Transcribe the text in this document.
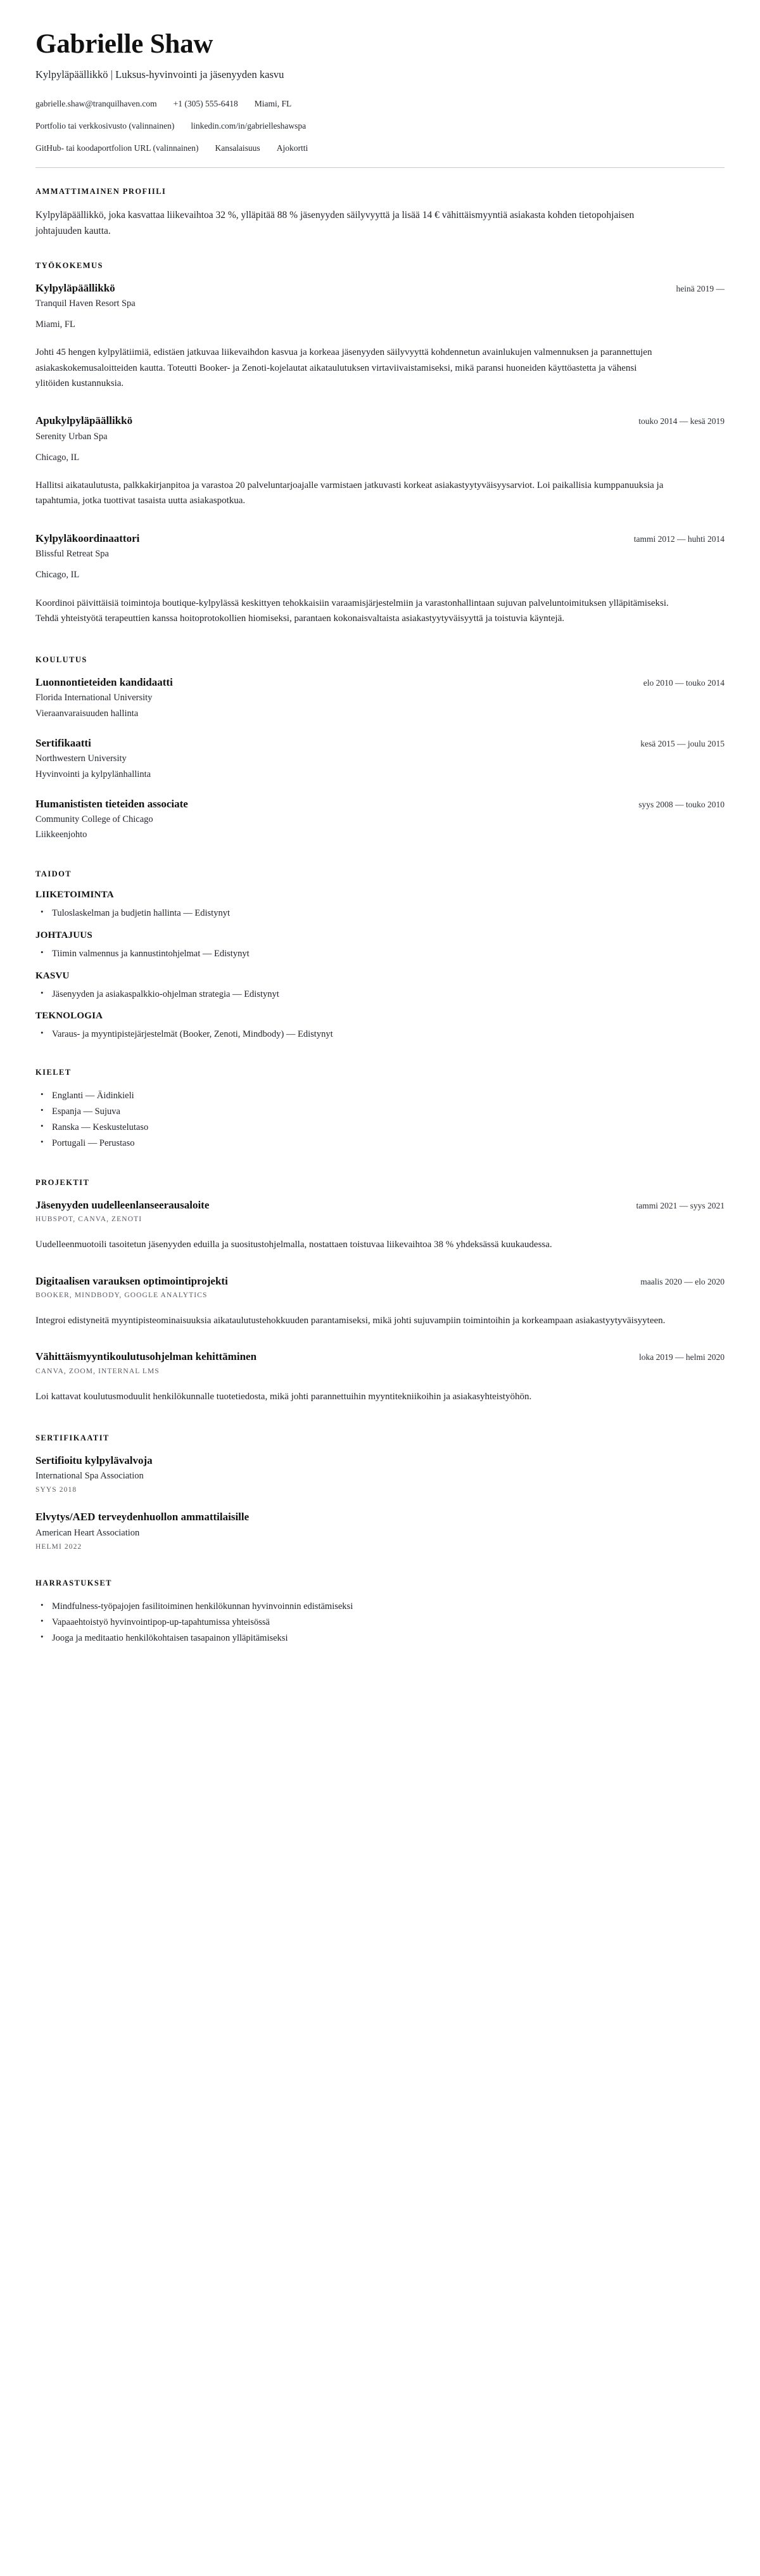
Gabrielle Shaw
Kylpyläpäällikkö | Luksus-hyvinvointi ja jäsenyyden kasvu
gabrielle.shaw@tranquilhaven.com +1 (305) 555-6418 Miami, FL
Portfolio tai verkkosivusto (valinnainen) linkedin.com/in/gabrielleshawspa
GitHub- tai koodaportfolion URL (valinnainen) Kansalaisuus Ajokortti
AMMATTIMAINEN PROFIILI

Kylpyläpäällikkö, joka kasvattaa liikevaihtoa 32 %, ylläpitää 88 % jäsenyyden säilyvyyttä ja lisää 14 € vähittäismyyntiä asiakasta kohden tietopohjaisen johtajuuden kautta.

TYÖKOKEMUS
Kylpyläpäällikkö	heinä 2019 —
Tranquil Haven Resort Spa
Miami, FL
Johti 45 hengen kylpylätiimiä, edistäen jatkuvaa liikevaihdon kasvua ja korkeaa jäsenyyden säilyvyyttä kohdennetun avainlukujen valmennuksen ja parannettujen asiakaskokemusaloitteiden kautta. Toteutti Booker- ja Zenoti-kojelautat aikataulutuksen virtaviivaistamiseksi, mikä paransi huoneiden käyttöastetta ja vähensi ylitöiden kustannuksia.
Apukylpyläpäällikkö	touko 2014 — kesä 2019
Serenity Urban Spa
Chicago, IL
Hallitsi aikataulutusta, palkkakirjanpitoa ja varastoa 20 palveluntarjoajalle varmistaen jatkuvasti korkeat asiakastyytyväisyysarviot. Loi paikallisia kumppanuuksia ja tapahtumia, jotka tuottivat tasaista uutta asiakaspotkua.
Kylpyläkoordinaattori	tammi 2012 — huhti 2014
Blissful Retreat Spa
Chicago, IL
Koordinoi päivittäisiä toimintoja boutique-kylpylässä keskittyen tehokkaisiin varaamisjärjestelmiin ja varastonhallintaan sujuvan palveluntoimituksen ylläpitämiseksi. Tehdä yhteistyötä terapeuttien kanssa hoitoprotokollien hiomiseksi, parantaen kokonaisvaltaista asiakastyytyväisyyttä ja toistuvia käyntejä.
KOULUTUS
Luonnontieteiden kandidaatti	elo 2010 — touko 2014
Florida International University
Vieraanvaraisuuden hallinta
Sertifikaatti	kesä 2015 — joulu 2015
Northwestern University
Hyvinvointi ja kylpylänhallinta
Humanististen tieteiden associate	syys 2008 — touko 2010
Community College of Chicago
Liikkeenjohto
TAIDOT
LIIKETOIMINTA
• Tuloslaskelman ja budjetin hallinta — Edistynyt
JOHTAJUUS
• Tiimin valmennus ja kannustintohjelmat — Edistynyt
KASVU
• Jäsenyyden ja asiakaspalkkio-ohjelman strategia — Edistynyt
TEKNOLOGIA
• Varaus- ja myyntipistejärjestelmät (Booker, Zenoti, Mindbody) — Edistynyt
KIELET
• Englanti — Äidinkieli
• Espanja — Sujuva
• Ranska — Keskustelutaso
• Portugali — Perustaso
PROJEKTIT
Jäsenyyden uudelleenlanseerausaloite	tammi 2021 — syys 2021
HUBSPOT, CANVA, ZENOTI
Uudelleenmuotoili tasoitetun jäsenyyden eduilla ja suositustohjelmalla, nostattaen toistuvaa liikevaihtoa 38 % yhdeksässä kuukaudessa.
Digitaalisen varauksen optimointiprojekti	maalis 2020 — elo 2020
BOOKER, MINDBODY, GOOGLE ANALYTICS
Integroi edistyneitä myyntipisteominaisuuksia aikataulutustehokkuuden parantamiseksi, mikä johti sujuvampiin toimintoihin ja korkeampaan asiakastyytyväisyyteen.
Vähittäismyyntikoulutusohjelman kehittäminen	loka 2019 — helmi 2020
CANVA, ZOOM, INTERNAL LMS
Loi kattavat koulutusmoduulit henkilökunnalle tuotetiedosta, mikä johti parannettuihin myyntitekniikoihin ja asiakasyhteistyöhön.
SERTIFIKAATIT
Sertifioitu kylpylävalvoja
International Spa Association
SYYS 2018
Elvytys/AED terveydenhuollon ammattilaisille
American Heart Association
HELMI 2022
HARRASTUKSET
• Mindfulness-työpajojen fasilitoiminen henkilökunnan hyvinvoinnin edistämiseksi
• Vapaaehtoistyö hyvinvointipop-up-tapahtumissa yhteisössä
• Jooga ja meditaatio henkilökohtaisen tasapainon ylläpitämiseksi
